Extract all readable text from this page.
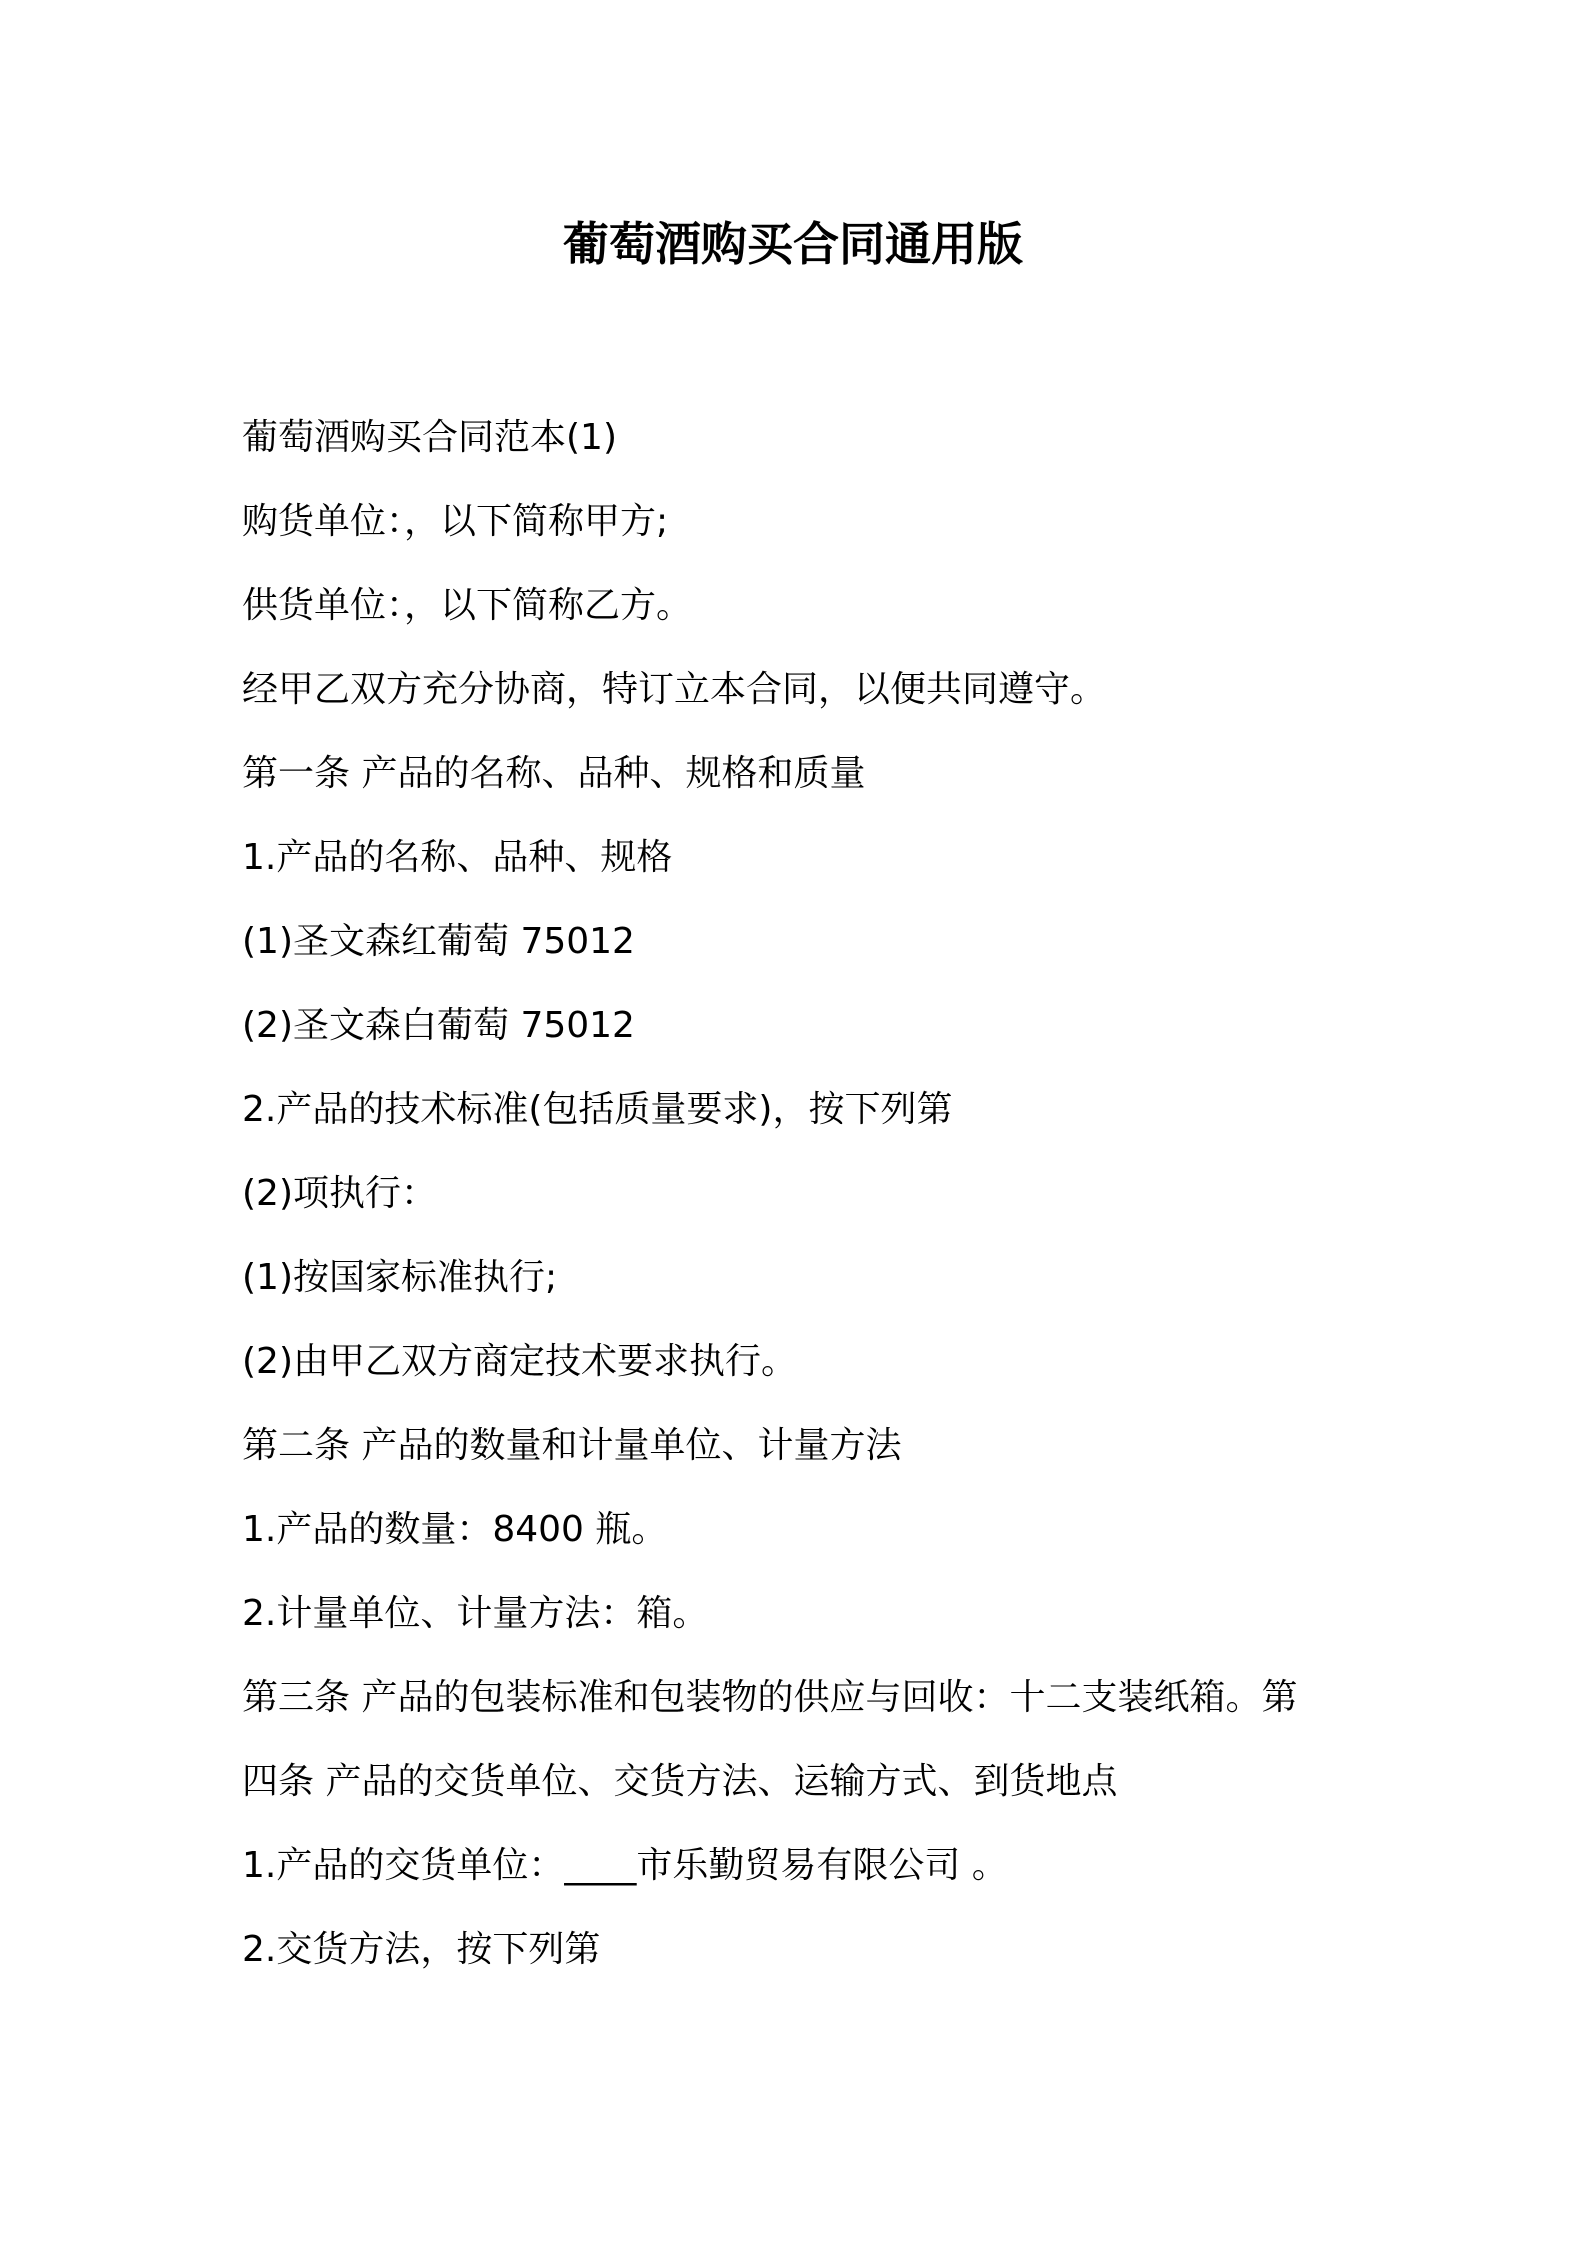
葡萄酒购买合同通用版

葡萄酒购买合同范本(1)

购货单位：，以下简称甲方;

供货单位：，以下简称乙方。

经甲乙双方充分协商，特订立本合同，以便共同遵守。

第一条 产品的名称、品种、规格和质量

1.产品的名称、品种、规格

(1)圣文森红葡萄 75012

(2)圣文森白葡萄 75012

2.产品的技术标准(包括质量要求)，按下列第

(2)项执行：

(1)按国家标准执行;

(2)由甲乙双方商定技术要求执行。

第二条 产品的数量和计量单位、计量方法

1.产品的数量：8400 瓶。

2.计量单位、计量方法：箱。

第三条 产品的包装标准和包装物的供应与回收：十二支装纸箱。第

四条 产品的交货单位、交货方法、运输方式、到货地点

1.产品的交货单位：____市乐勤贸易有限公司 。

2.交货方法，按下列第
